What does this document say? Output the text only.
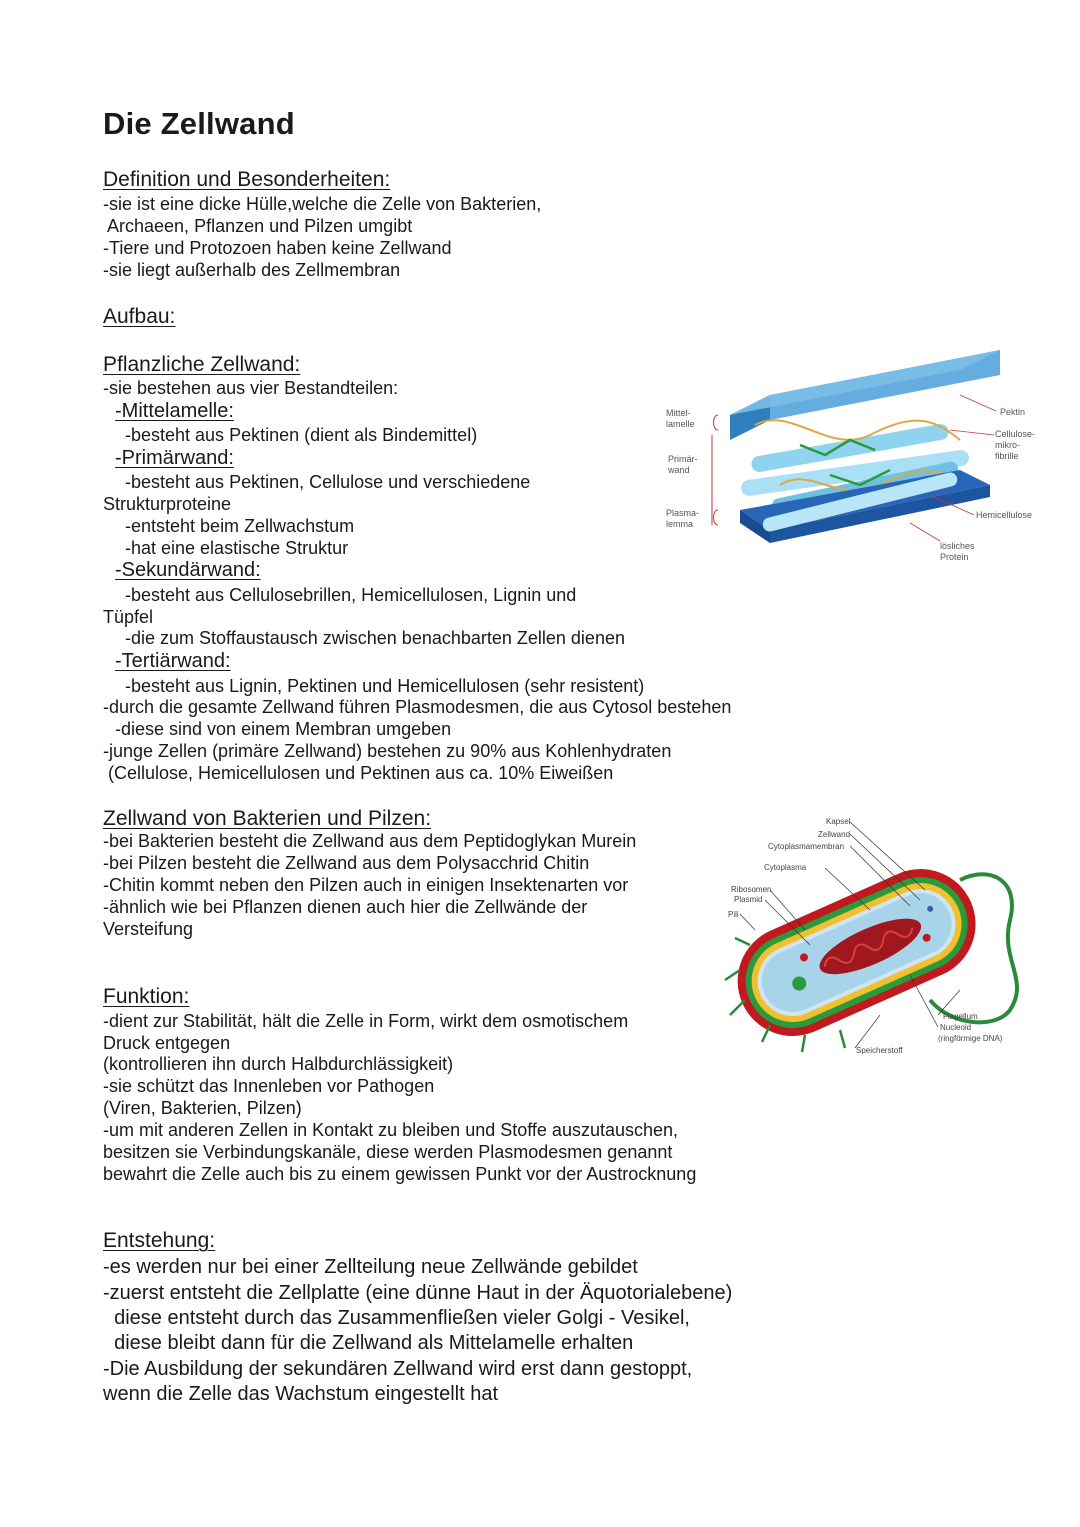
Die Zellwand
Definition und Besonderheiten:
-sie ist eine dicke Hülle,welche die Zelle von Bakterien,
Archaeen, Pflanzen und Pilzen umgibt
-Tiere und Protozoen haben keine Zellwand
-sie liegt außerhalb des Zellmembran
Aufbau:
Pflanzliche Zellwand:
-sie bestehen aus vier Bestandteilen:
-Mittelamelle:
-besteht aus Pektinen (dient als Bindemittel)
-Primärwand:
-besteht aus Pektinen, Cellulose und verschiedene
Strukturproteine
-entsteht beim Zellwachstum
-hat eine elastische Struktur
-Sekundärwand:
-besteht aus Cellulosebrillen, Hemicellulosen, Lignin und
Tüpfel
-die zum Stoffaustausch zwischen benachbarten Zellen dienen
-Tertiärwand:
-besteht aus Lignin, Pektinen und Hemicellulosen (sehr resistent)
-durch die gesamte Zellwand führen Plasmodesmen, die aus Cytosol bestehen
-diese sind von einem Membran umgeben
-junge Zellen (primäre Zellwand) bestehen zu 90% aus Kohlenhydraten
(Cellulose, Hemicellulosen und Pektinen aus ca. 10% Eiweißen
Mittel-
lamelle
Primär-
wand
Plasma-
lemma
Pektin
Cellulose-
mikro-
fibrille
Hemicellulose
lösliches
Protein
Zellwand von Bakterien und Pilzen:
-bei Bakterien besteht die Zellwand aus dem Peptidoglykan Murein
-bei Pilzen besteht die Zellwand aus dem Polysacchrid Chitin
-Chitin kommt neben den Pilzen auch in einigen Insektenarten vor
-ähnlich wie bei Pflanzen dienen auch hier die Zellwände der
Versteifung
Kapsel
Zellwand
Cytoplasmamembran
Cytoplasma
Ribosomen
Plasmid
Pili
Flagellum
Nucleoid
(ringförmige DNA)
Speicherstoff
Funktion:
-dient zur Stabilität, hält die Zelle in Form, wirkt dem osmotischem
Druck entgegen
(kontrollieren ihn durch Halbdurchlässigkeit)
-sie schützt das Innenleben vor Pathogen
(Viren, Bakterien, Pilzen)
-um mit anderen Zellen in Kontakt zu bleiben und Stoffe auszutauschen,
besitzen sie Verbindungskanäle, diese werden Plasmodesmen genannt
bewahrt die Zelle auch bis zu einem gewissen Punkt vor der Austrocknung
Entstehung:
-es werden nur bei einer Zellteilung neue Zellwände gebildet
-zuerst entsteht die Zellplatte (eine dünne Haut in der Äquotorialebene)
diese entsteht durch das Zusammenfließen vieler Golgi - Vesikel,
diese bleibt dann für die Zellwand als Mittelamelle erhalten
-Die Ausbildung der sekundären Zellwand wird erst dann gestoppt,
wenn die Zelle das Wachstum eingestellt hat
